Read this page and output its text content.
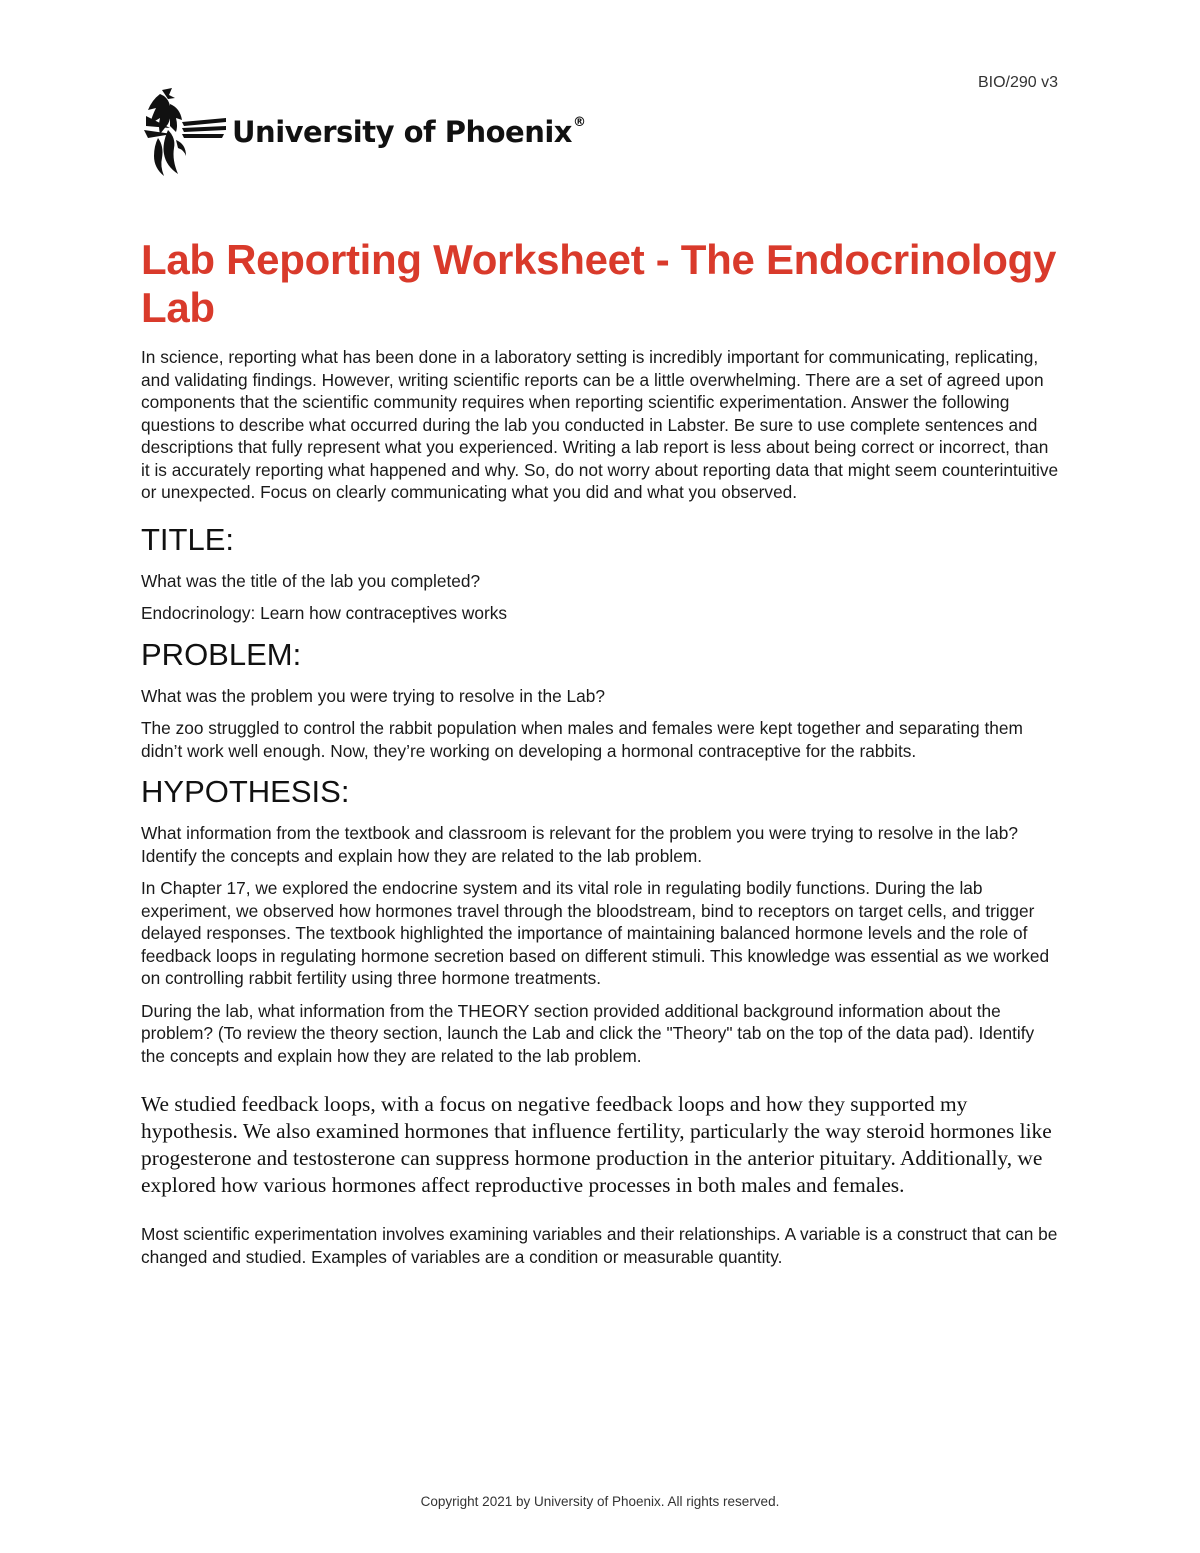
BIO/290 v3
University of Phoenix®
Lab Reporting Worksheet - The Endocrinology Lab

In science, reporting what has been done in a laboratory setting is incredibly important for communicating, replicating, and validating findings. However, writing scientific reports can be a little overwhelming. There are a set of agreed upon components that the scientific community requires when reporting scientific experimentation. Answer the following questions to describe what occurred during the lab you conducted in Labster. Be sure to use complete sentences and descriptions that fully represent what you experienced. Writing a lab report is less about being correct or incorrect, than it is accurately reporting what happened and why. So, do not worry about reporting data that might seem counterintuitive or unexpected. Focus on clearly communicating what you did and what you observed.

TITLE:

What was the title of the lab you completed?

Endocrinology: Learn how contraceptives works

PROBLEM:

What was the problem you were trying to resolve in the Lab?

The zoo struggled to control the rabbit population when males and females were kept together and separating them didn’t work well enough. Now, they’re working on developing a hormonal contraceptive for the rabbits.

HYPOTHESIS:

What information from the textbook and classroom is relevant for the problem you were trying to resolve in the lab? Identify the concepts and explain how they are related to the lab problem.

In Chapter 17, we explored the endocrine system and its vital role in regulating bodily functions. During the lab experiment, we observed how hormones travel through the bloodstream, bind to receptors on target cells, and trigger delayed responses. The textbook highlighted the importance of maintaining balanced hormone levels and the role of feedback loops in regulating hormone secretion based on different stimuli. This knowledge was essential as we worked on controlling rabbit fertility using three hormone treatments.

During the lab, what information from the THEORY section provided additional background information about the problem? (To review the theory section, launch the Lab and click the "Theory" tab on the top of the data pad). Identify the concepts and explain how they are related to the lab problem.

We studied feedback loops, with a focus on negative feedback loops and how they supported my hypothesis. We also examined hormones that influence fertility, particularly the way steroid hormones like progesterone and testosterone can suppress hormone production in the anterior pituitary. Additionally, we explored how various hormones affect reproductive processes in both males and females.

Most scientific experimentation involves examining variables and their relationships. A variable is a construct that can be changed and studied. Examples of variables are a condition or measurable quantity.

Copyright 2021 by University of Phoenix. All rights reserved.
